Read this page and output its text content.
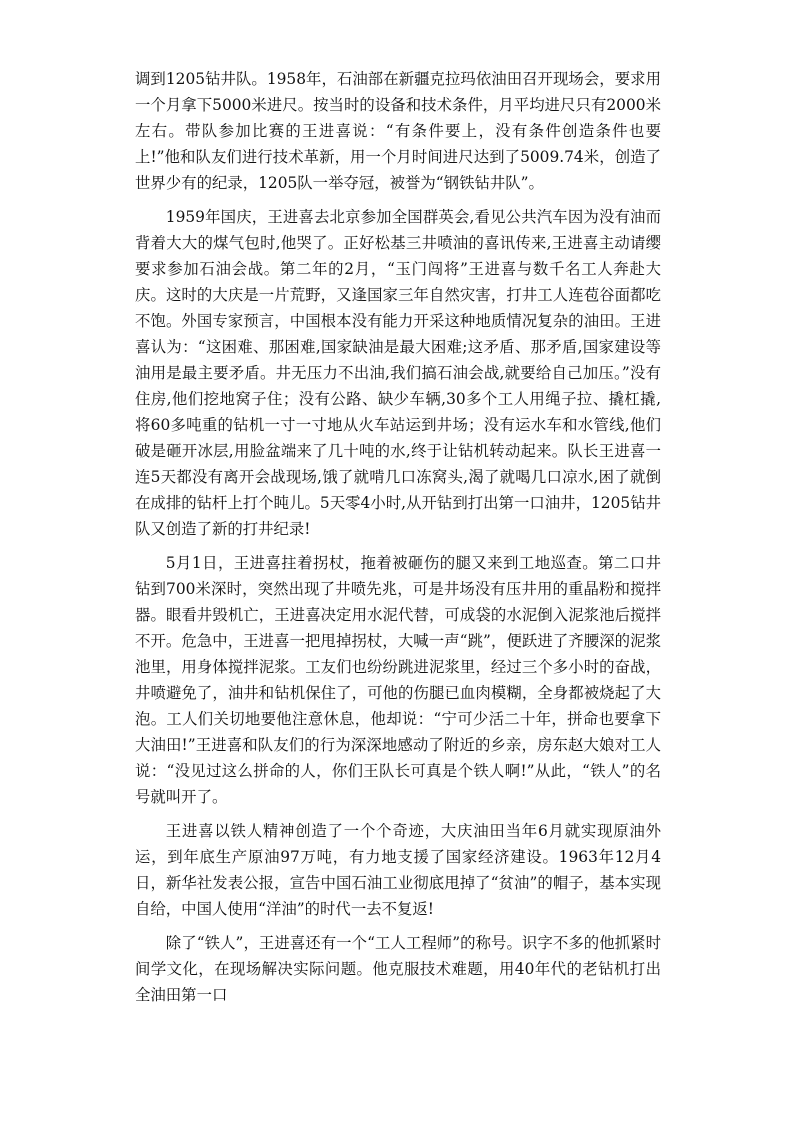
调到1205钻井队。1958年，石油部在新疆克拉玛依油田召开现场会，要求用一个月拿下5000米进尺。按当时的设备和技术条件，月平均进尺只有2000米左右。带队参加比赛的王进喜说：“有条件要上，没有条件创造条件也要上!”他和队友们进行技术革新，用一个月时间进尺达到了5009.74米，创造了世界少有的纪录，1205队一举夺冠，被誉为“钢铁钻井队”。

1959年国庆，王进喜去北京参加全国群英会,看见公共汽车因为没有油而背着大大的煤气包时,他哭了。正好松基三井喷油的喜讯传来,王进喜主动请缨要求参加石油会战。第二年的2月，“玉门闯将”王进喜与数千名工人奔赴大庆。这时的大庆是一片荒野，又逢国家三年自然灾害，打井工人连苞谷面都吃不饱。外国专家预言，中国根本没有能力开采这种地质情况复杂的油田。王进喜认为：“这困难、那困难,国家缺油是最大困难;这矛盾、那矛盾,国家建设等油用是最主要矛盾。井无压力不出油,我们搞石油会战,就要给自己加压。”没有住房,他们挖地窝子住；没有公路、缺少车辆,30多个工人用绳子拉、撬杠撬,将60多吨重的钻机一寸一寸地从火车站运到井场；没有运水车和水管线,他们破是砸开冰层,用脸盆端来了几十吨的水,终于让钻机转动起来。队长王进喜一连5天都没有离开会战现场,饿了就啃几口冻窝头,渴了就喝几口凉水,困了就倒在成排的钻杆上打个盹儿。5天零4小时,从开钻到打出第一口油井，1205钻井队又创造了新的打井纪录!

5月1日，王进喜拄着拐杖，拖着被砸伤的腿又来到工地巡查。第二口井钻到700米深时，突然出现了井喷先兆，可是井场没有压井用的重晶粉和搅拌器。眼看井毁机亡，王进喜决定用水泥代替，可成袋的水泥倒入泥浆池后搅拌不开。危急中，王进喜一把甩掉拐杖，大喊一声“跳”，便跃进了齐腰深的泥浆池里，用身体搅拌泥浆。工友们也纷纷跳进泥浆里，经过三个多小时的奋战，井喷避免了，油井和钻机保住了，可他的伤腿已血肉模糊，全身都被烧起了大泡。工人们关切地要他注意休息，他却说：“宁可少活二十年，拼命也要拿下大油田!”王进喜和队友们的行为深深地感动了附近的乡亲，房东赵大娘对工人说：“没见过这么拼命的人，你们王队长可真是个铁人啊!”从此，“铁人”的名号就叫开了。

王进喜以铁人精神创造了一个个奇迹，大庆油田当年6月就实现原油外运，到年底生产原油97万吨，有力地支援了国家经济建设。1963年12月4日，新华社发表公报，宣告中国石油工业彻底甩掉了“贫油”的帽子，基本实现自给，中国人使用“洋油”的时代一去不复返!

除了“铁人”，王进喜还有一个“工人工程师”的称号。识字不多的他抓紧时间学文化，在现场解决实际问题。他克服技术难题，用40年代的老钻机打出全油田第一口
